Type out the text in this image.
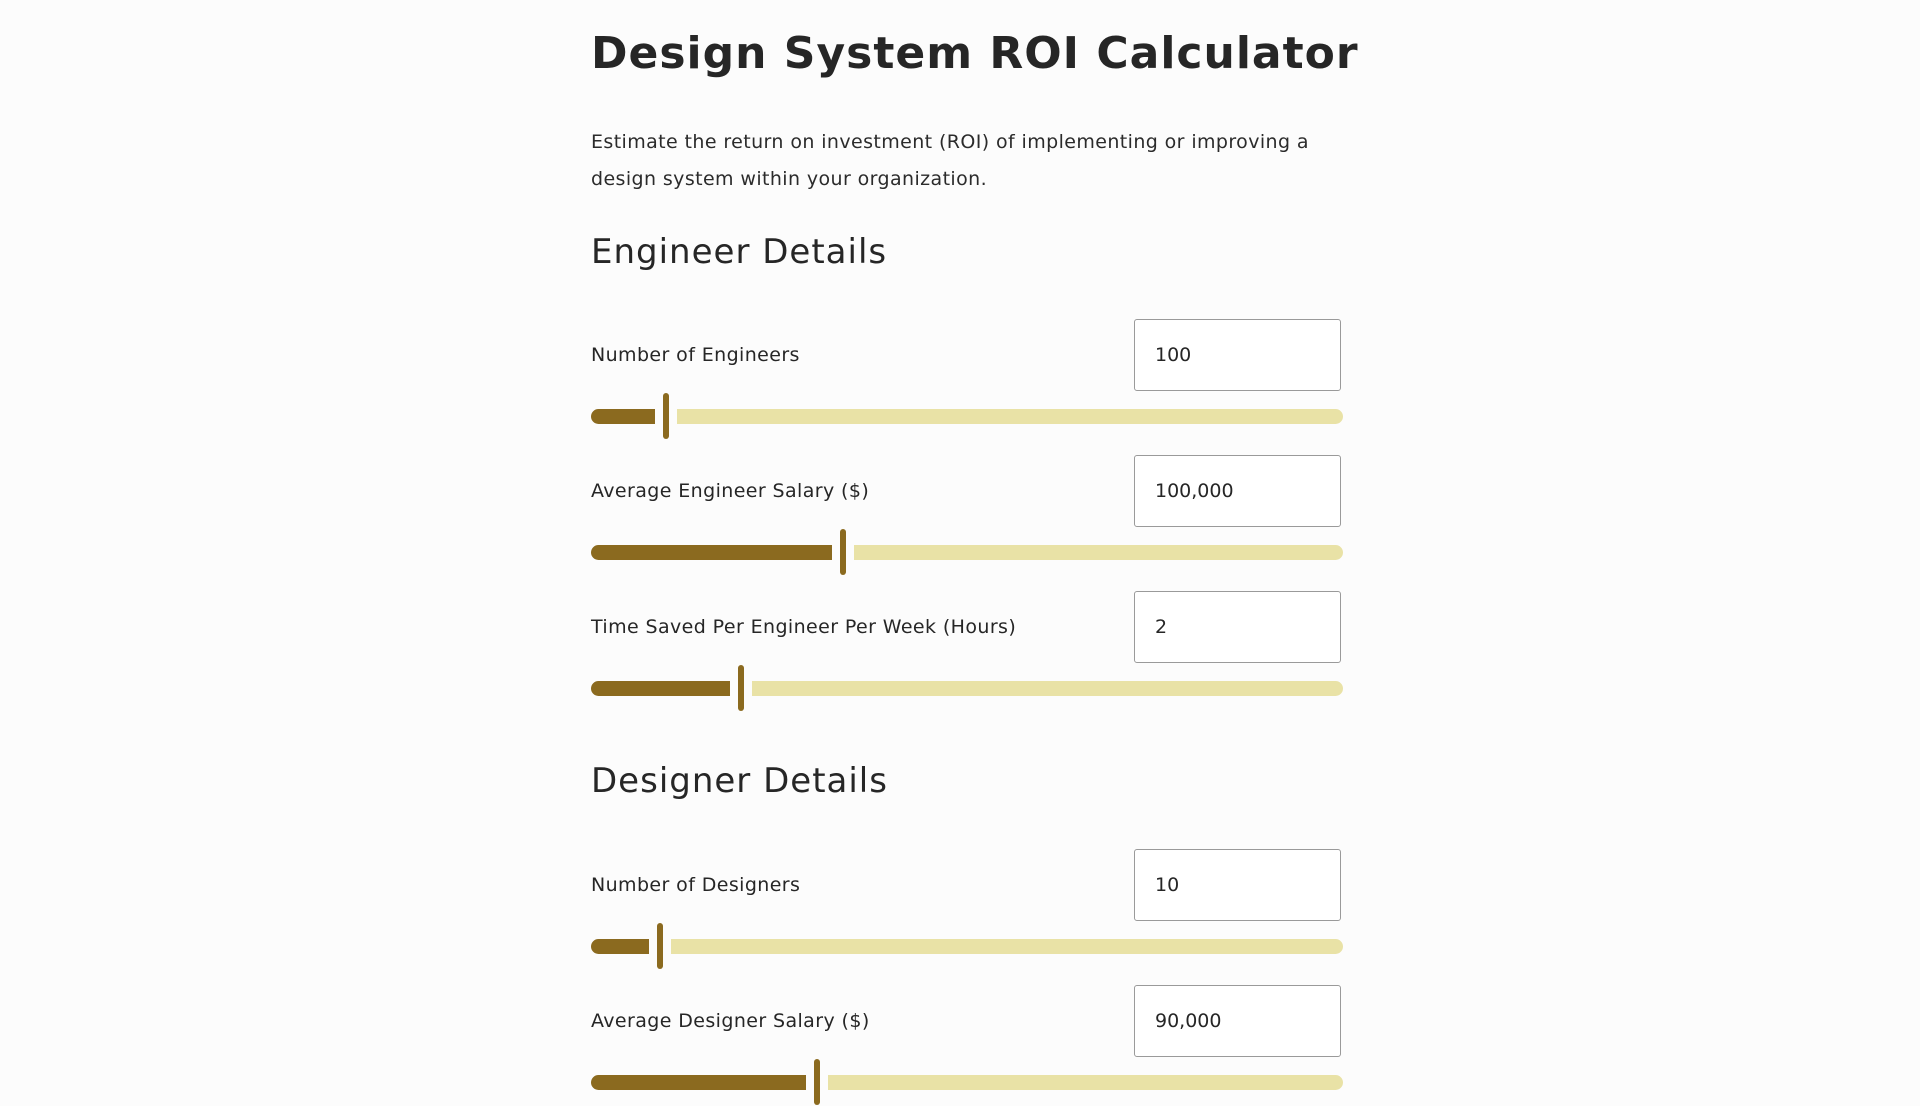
Design System ROI Calculator

Estimate the return on investment (ROI) of implementing or improving a design system within your organization.

Engineer Details
Number of Engineers
100
Average Engineer Salary ($)
100,000
Time Saved Per Engineer Per Week (Hours)
2
Designer Details
Number of Designers
10
Average Designer Salary ($)
90,000
